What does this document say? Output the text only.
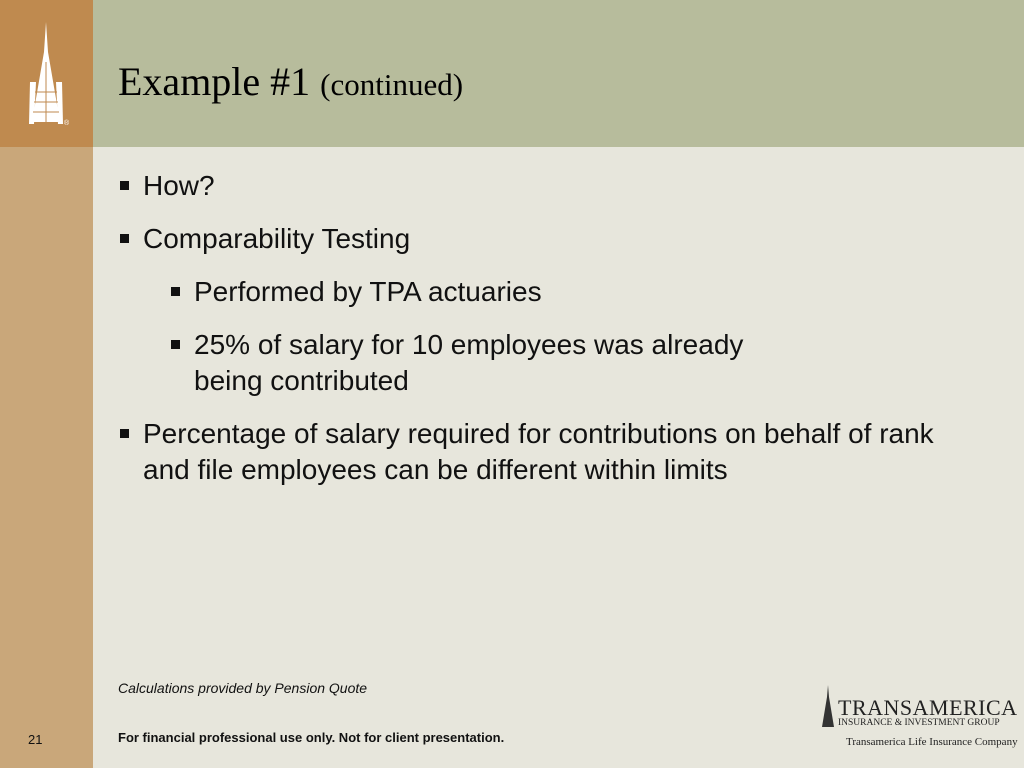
®
Example #1 (continued)
How?
Comparability Testing
Performed by TPA actuaries
25% of salary for 10 employees was already being contributed
Percentage of salary required for contributions on behalf of rank and file employees can be different within limits
Calculations provided by Pension Quote
For financial professional use only. Not for client presentation.
21
TRANSAMERICA
INSURANCE & INVESTMENT GROUP
Transamerica Life Insurance Company
